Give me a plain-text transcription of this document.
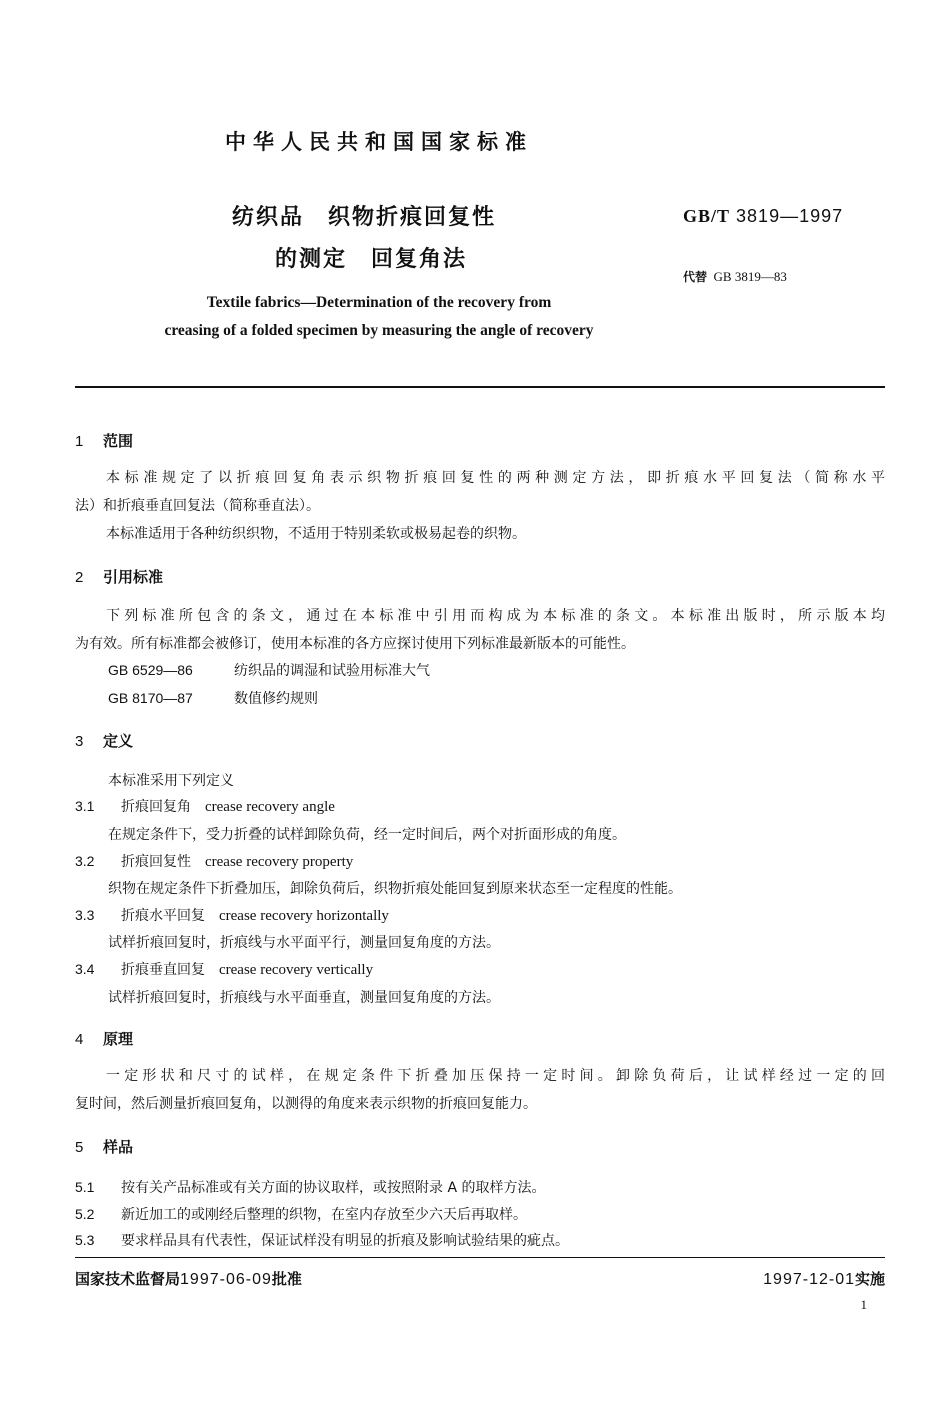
中华人民共和国国家标准
纺织品　织物折痕回复性
的测定　回复角法
GB/T 3819—1997
代替 GB 3819—83
Textile fabrics—Determination of the recovery from
creasing of a folded specimen by measuring the angle of recovery
1 范围
本标准规定了以折痕回复角表示织物折痕回复性的两种测定方法，即折痕水平回复法（简称水平
法）和折痕垂直回复法（简称垂直法）。
本标准适用于各种纺织织物，不适用于特别柔软或极易起卷的织物。
2 引用标准
下列标准所包含的条文，通过在本标准中引用而构成为本标准的条文。本标准出版时，所示版本均
为有效。所有标准都会被修订，使用本标准的各方应探讨使用下列标准最新版本的可能性。
GB 6529—86	纺织品的调湿和试验用标准大气
GB 8170—87	数值修约规则
3 定义
本标准采用下列定义
3.1 折痕回复角 crease recovery angle
在规定条件下，受力折叠的试样卸除负荷，经一定时间后，两个对折面形成的角度。
3.2 折痕回复性 crease recovery property
织物在规定条件下折叠加压，卸除负荷后，织物折痕处能回复到原来状态至一定程度的性能。
3.3 折痕水平回复 crease recovery horizontally
试样折痕回复时，折痕线与水平面平行，测量回复角度的方法。
3.4 折痕垂直回复 crease recovery vertically
试样折痕回复时，折痕线与水平面垂直，测量回复角度的方法。
4 原理
一定形状和尺寸的试样，在规定条件下折叠加压保持一定时间。卸除负荷后，让试样经过一定的回
复时间，然后测量折痕回复角，以测得的角度来表示织物的折痕回复能力。
5 样品
5.1 按有关产品标准或有关方面的协议取样，或按照附录 A 的取样方法。
5.2 新近加工的或刚经后整理的织物，在室内存放至少六天后再取样。
5.3 要求样品具有代表性，保证试样没有明显的折痕及影响试验结果的疵点。
国家技术监督局1997-06-09批准	1997-12-01实施
1
